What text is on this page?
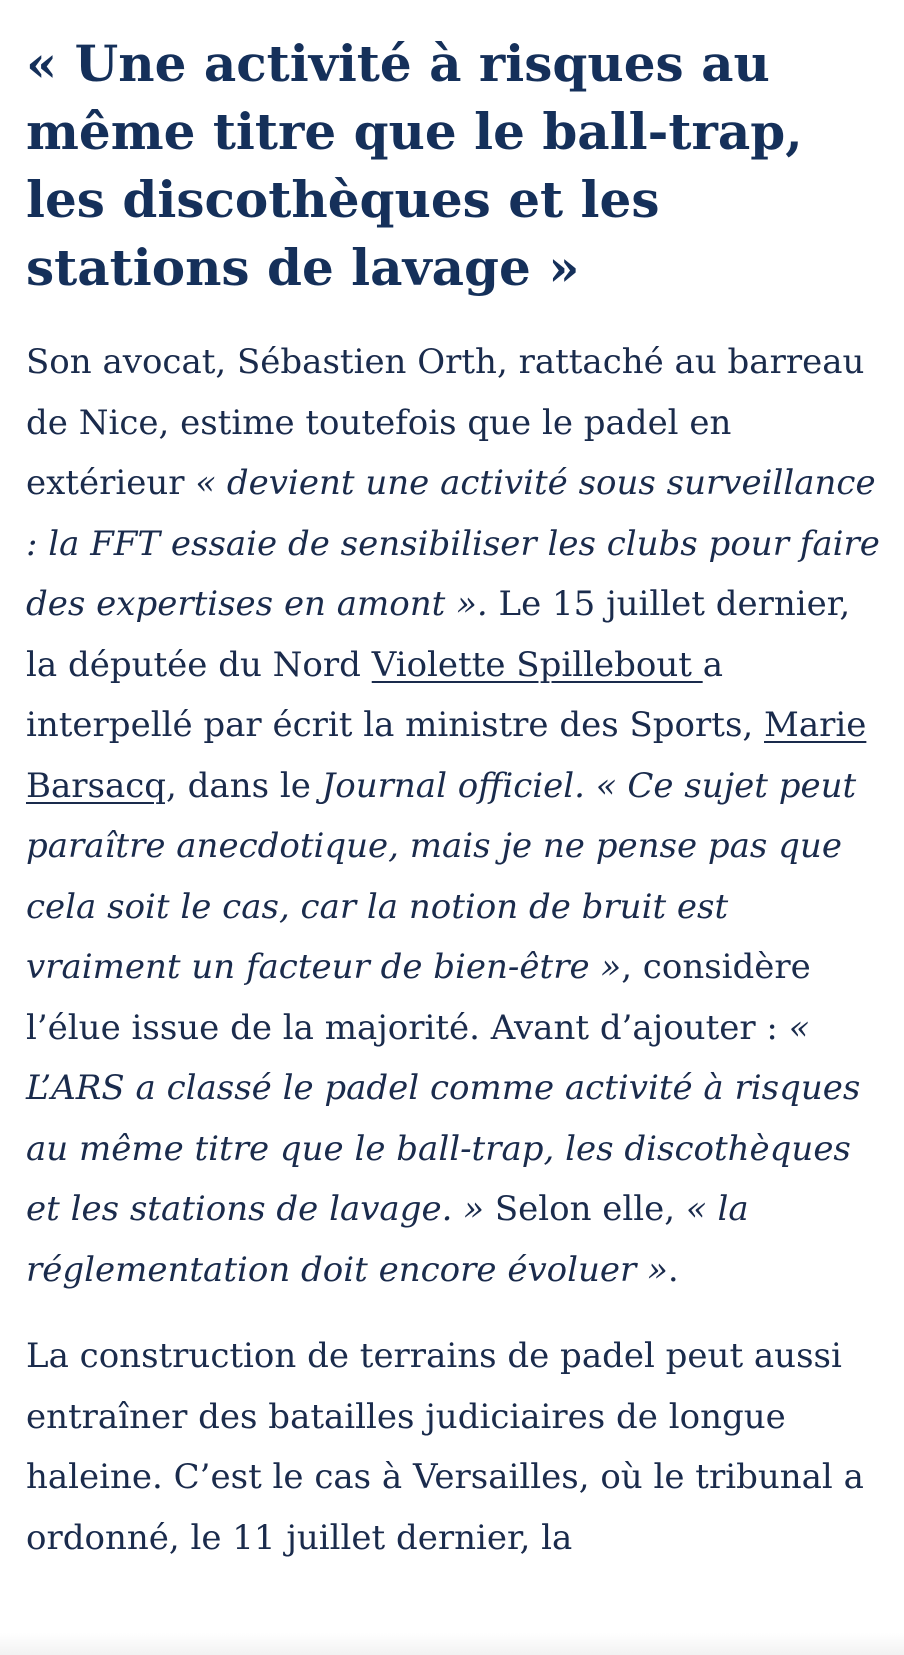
« Une activité à risques au même titre que le ball-trap, les discothèques et les stations de lavage »

Son avocat, Sébastien Orth, rattaché au barreau de Nice, estime toutefois que le padel en extérieur « devient une activité sous surveillance : la FFT essaie de sensibiliser les clubs pour faire des expertises en amont ». Le 15 juillet dernier, la députée du Nord Violette Spillebout a interpellé par écrit la ministre des Sports, Marie Barsacq, dans le Journal officiel. « Ce sujet peut paraître anecdotique, mais je ne pense pas que cela soit le cas, car la notion de bruit est vraiment un facteur de bien-être », considère l’élue issue de la majorité. Avant d’ajouter : « L’ARS a classé le padel comme activité à risques au même titre que le ball-trap, les discothèques et les stations de lavage. » Selon elle, « la réglementation doit encore évoluer ».

La construction de terrains de padel peut aussi entraîner des batailles judiciaires de longue haleine. C’est le cas à Versailles, où le tribunal a ordonné, le 11 juillet dernier, la
